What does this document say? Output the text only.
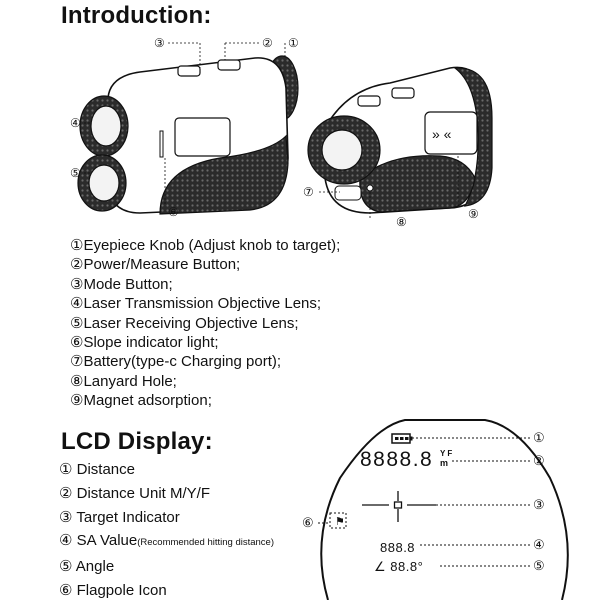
Introduction:
LCD Display:
» «
③	② ①
④
⑤
⑥
⑦
⑧
⑨
①Eyepiece Knob (Adjust knob to target);
②Power/Measure Button;
③Mode Button;
④Laser Transmission Objective Lens;
⑤Laser Receiving Objective Lens;
⑥Slope indicator light;
⑦Battery(type-c Charging port);
⑧Lanyard Hole;
⑨Magnet adsorption;
① Distance
② Distance Unit M/Y/F
③ Target Indicator
④ SA Value(Recommended hitting distance)
⑤ Angle
⑥ Flagpole Icon
8888.8 Y F
m
⚑
888.8
∠ 88.8°
①
②
③
⑥
④
⑤
